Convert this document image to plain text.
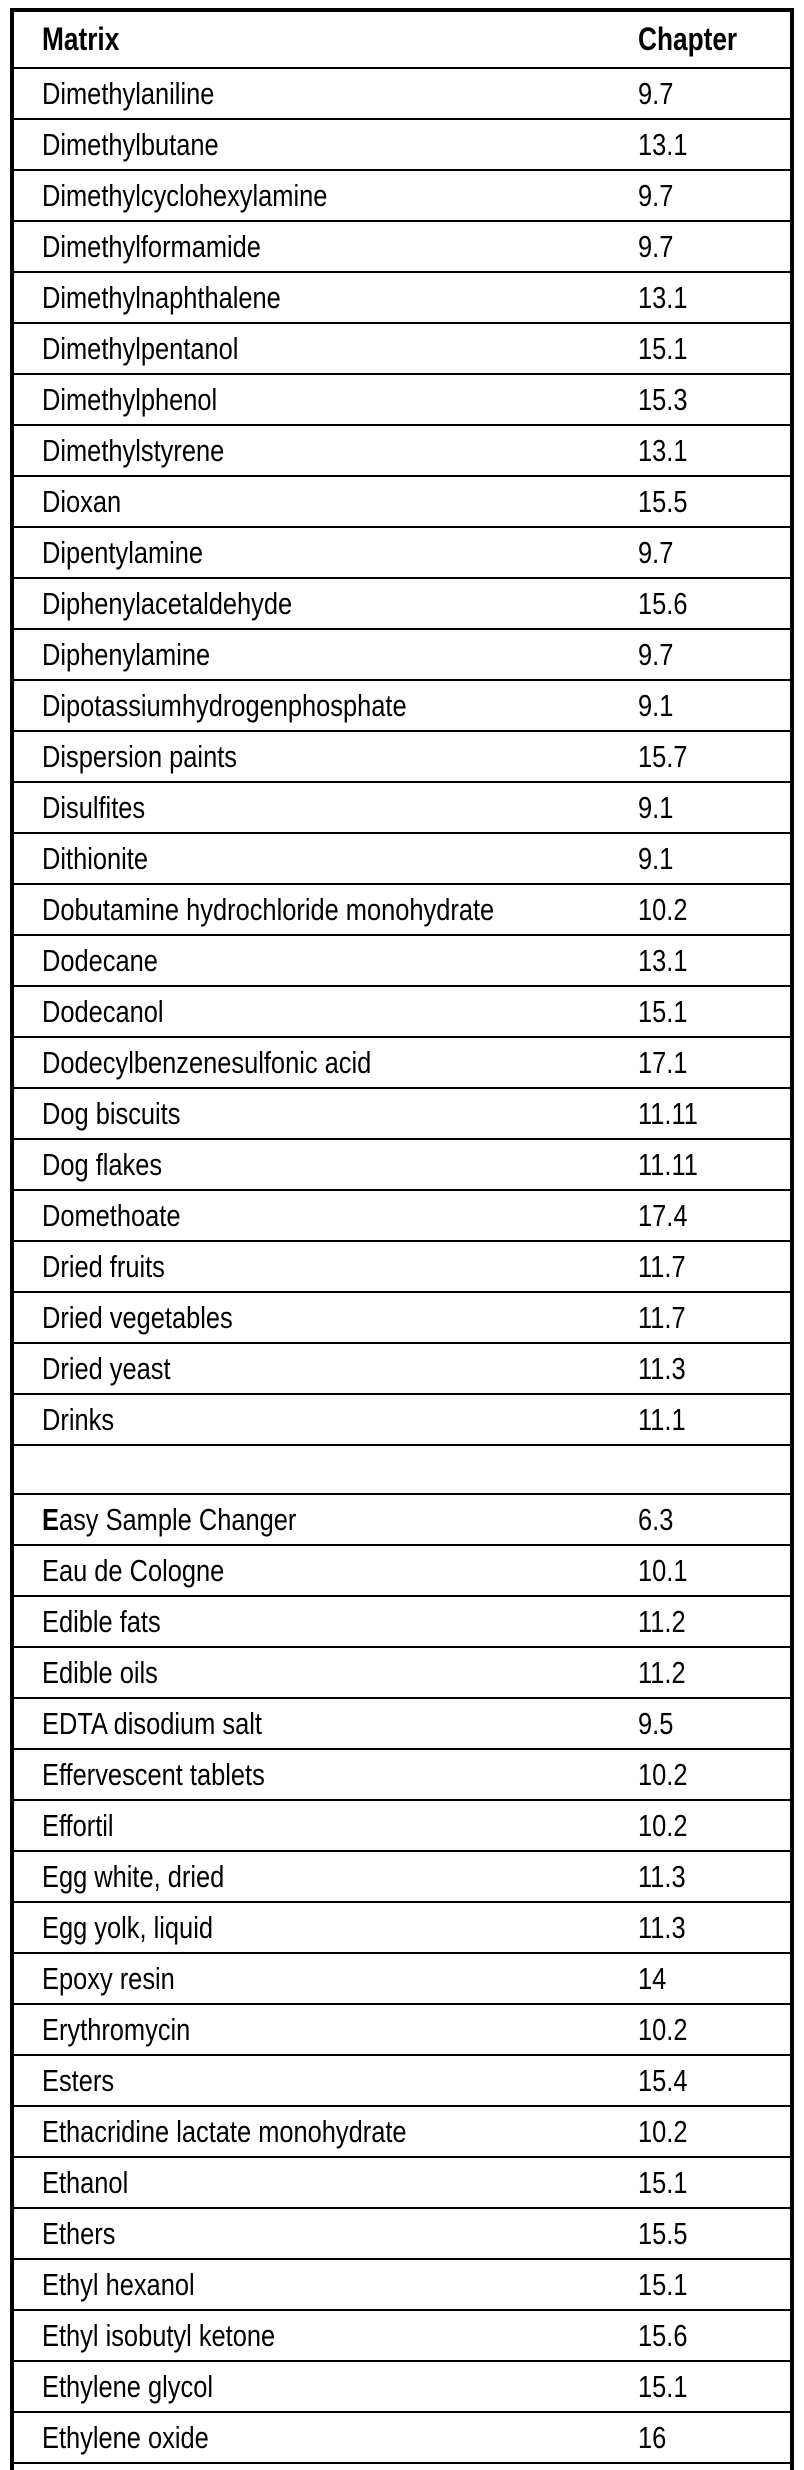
Matrix	Chapter
Dimethylaniline	9.7
Dimethylbutane	13.1
Dimethylcyclohexylamine	9.7
Dimethylformamide	9.7
Dimethylnaphthalene	13.1
Dimethylpentanol	15.1
Dimethylphenol	15.3
Dimethylstyrene	13.1
Dioxan	15.5
Dipentylamine	9.7
Diphenylacetaldehyde	15.6
Diphenylamine	9.7
Dipotassiumhydrogenphosphate	9.1
Dispersion paints	15.7
Disulfites	9.1
Dithionite	9.1
Dobutamine hydrochloride monohydrate	10.2
Dodecane	13.1
Dodecanol	15.1
Dodecylbenzenesulfonic acid	17.1
Dog biscuits	11.11
Dog flakes	11.11
Domethoate	17.4
Dried fruits	11.7
Dried vegetables	11.7
Dried yeast	11.3
Drinks	11.1

Easy Sample Changer	6.3
Eau de Cologne	10.1
Edible fats	11.2
Edible oils	11.2
EDTA disodium salt	9.5
Effervescent tablets	10.2
Effortil	10.2
Egg white, dried	11.3
Egg yolk, liquid	11.3
Epoxy resin	14
Erythromycin	10.2
Esters	15.4
Ethacridine lactate monohydrate	10.2
Ethanol	15.1
Ethers	15.5
Ethyl hexanol	15.1
Ethyl isobutyl ketone	15.6
Ethylene glycol	15.1
Ethylene oxide	16
